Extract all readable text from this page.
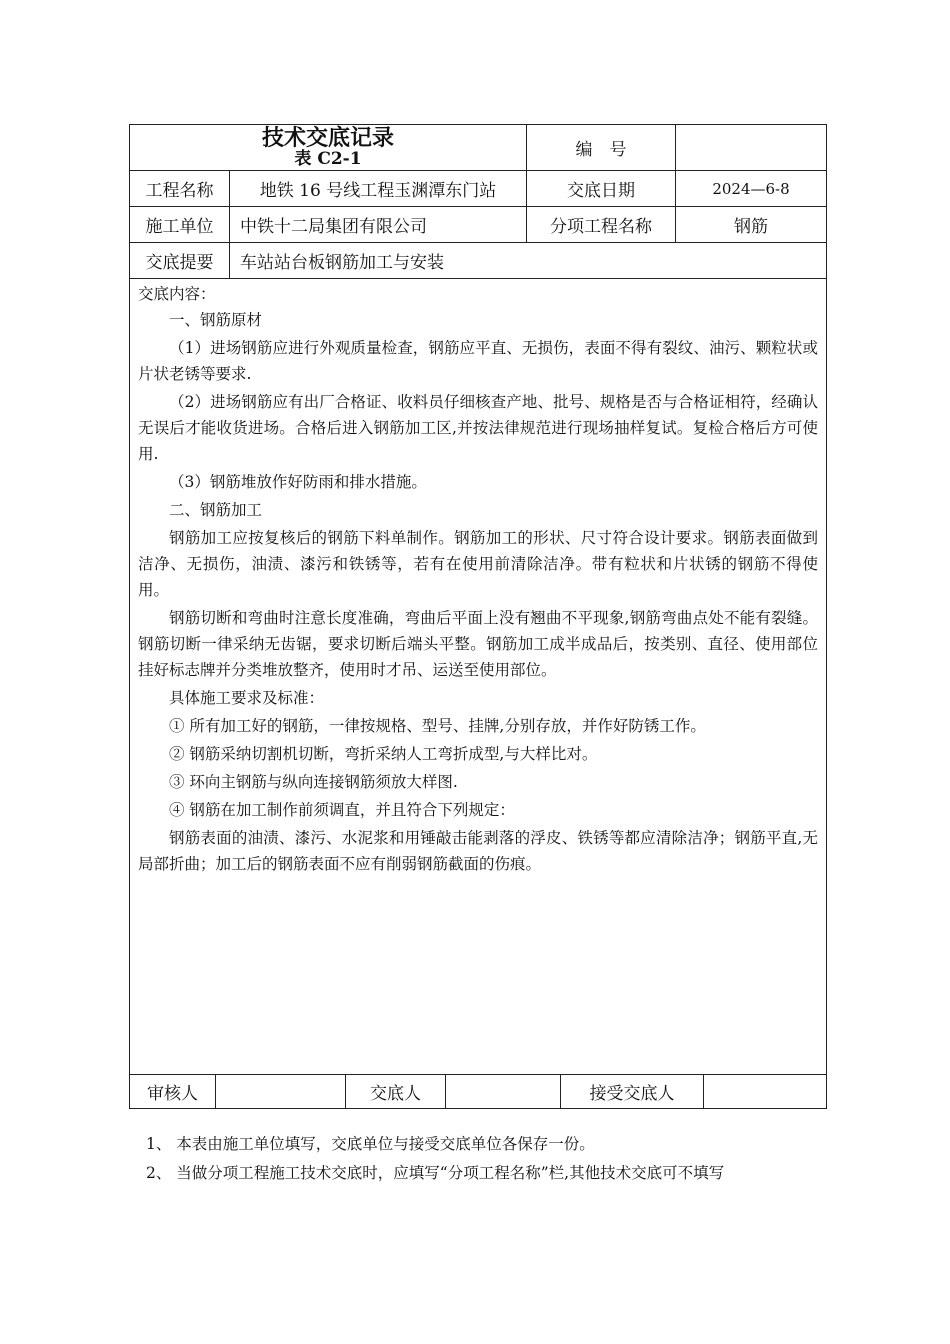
技术交底记录
表 C2-1	编　号
工程名称	地铁 16 号线工程玉渊潭东门站	交底日期	2024—6-8
施工单位	中铁十二局集团有限公司	分项工程名称	钢筋
交底提要	车站站台板钢筋加工与安装

交底内容：

一、钢筋原材

（1）进场钢筋应进行外观质量检查，钢筋应平直、无损伤，表面不得有裂纹、油污、颗粒状或片状老锈等要求.

（2）进场钢筋应有出厂合格证、收料员仔细核查产地、批号、规格是否与合格证相符，经确认无误后才能收货进场。合格后进入钢筋加工区,并按法律规范进行现场抽样复试。复检合格后方可使用.

（3）钢筋堆放作好防雨和排水措施。

二、钢筋加工

钢筋加工应按复核后的钢筋下料单制作。钢筋加工的形状、尺寸符合设计要求。钢筋表面做到洁净、无损伤，油渍、漆污和铁锈等，若有在使用前清除洁净。带有粒状和片状锈的钢筋不得使用。

钢筋切断和弯曲时注意长度准确，弯曲后平面上没有翘曲不平现象,钢筋弯曲点处不能有裂缝。钢筋切断一律采纳无齿锯，要求切断后端头平整。钢筋加工成半成品后，按类别、直径、使用部位挂好标志牌并分类堆放整齐，使用时才吊、运送至使用部位。

具体施工要求及标准：

① 所有加工好的钢筋，一律按规格、型号、挂牌,分别存放，并作好防锈工作。

② 钢筋采纳切割机切断，弯折采纳人工弯折成型,与大样比对。

③ 环向主钢筋与纵向连接钢筋须放大样图.

④ 钢筋在加工制作前须调直，并且符合下列规定：

钢筋表面的油渍、漆污、水泥浆和用锤敲击能剥落的浮皮、铁锈等都应清除洁净；钢筋平直,无局部折曲；加工后的钢筋表面不应有削弱钢筋截面的伤痕。

审核人	交底人	接受交底人
1、 本表由施工单位填写，交底单位与接受交底单位各保存一份。
2、 当做分项工程施工技术交底时，应填写“分项工程名称”栏,其他技术交底可不填写
